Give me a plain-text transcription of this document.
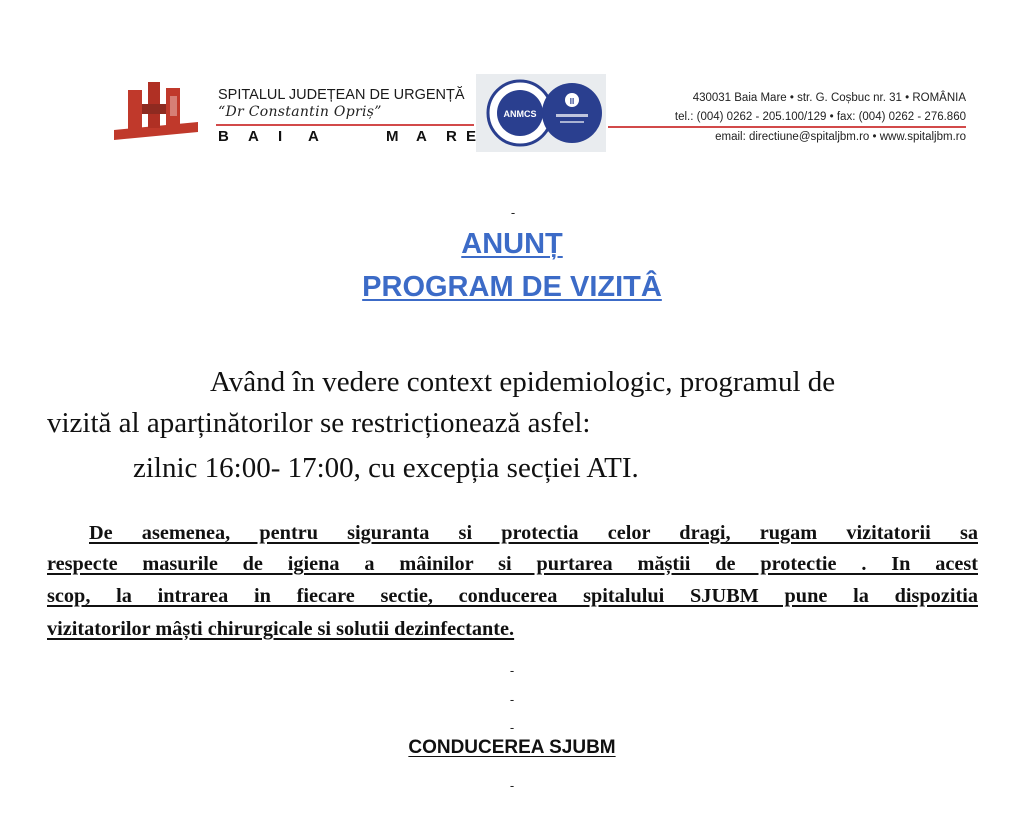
SPITALUL JUDEȚEAN DE URGENȚĂ
“Dr Constantin Opriș”
B A I A	M A R E
ANMCS
II	430031 Baia Mare • str. G. Coșbuc nr. 31 • ROMÂNIA
tel.: (004) 0262 - 205.100/129 • fax: (004) 0262 - 276.860
email: directiune@spitaljbm.ro • www.spitaljbm.ro
-
ANUNȚ
PROGRAM DE VIZITÂ
Având în vedere context epidemiologic, programul de
vizită al aparținătorilor se restricționează asfel:
zilnic 16:00- 17:00, cu excepția secției ATI.
De asemenea, pentru siguranta si protectia celor dragi, rugam vizitatorii sa
respecte masurile de igiena a mâinilor si purtarea măștii de protectie . In acest
scop, la intrarea in fiecare sectie, conducerea spitalului SJUBM pune la dispozitia
vizitatorilor mâști chirurgicale si solutii dezinfectante.
-
-
-
CONDUCEREA SJUBM
-
